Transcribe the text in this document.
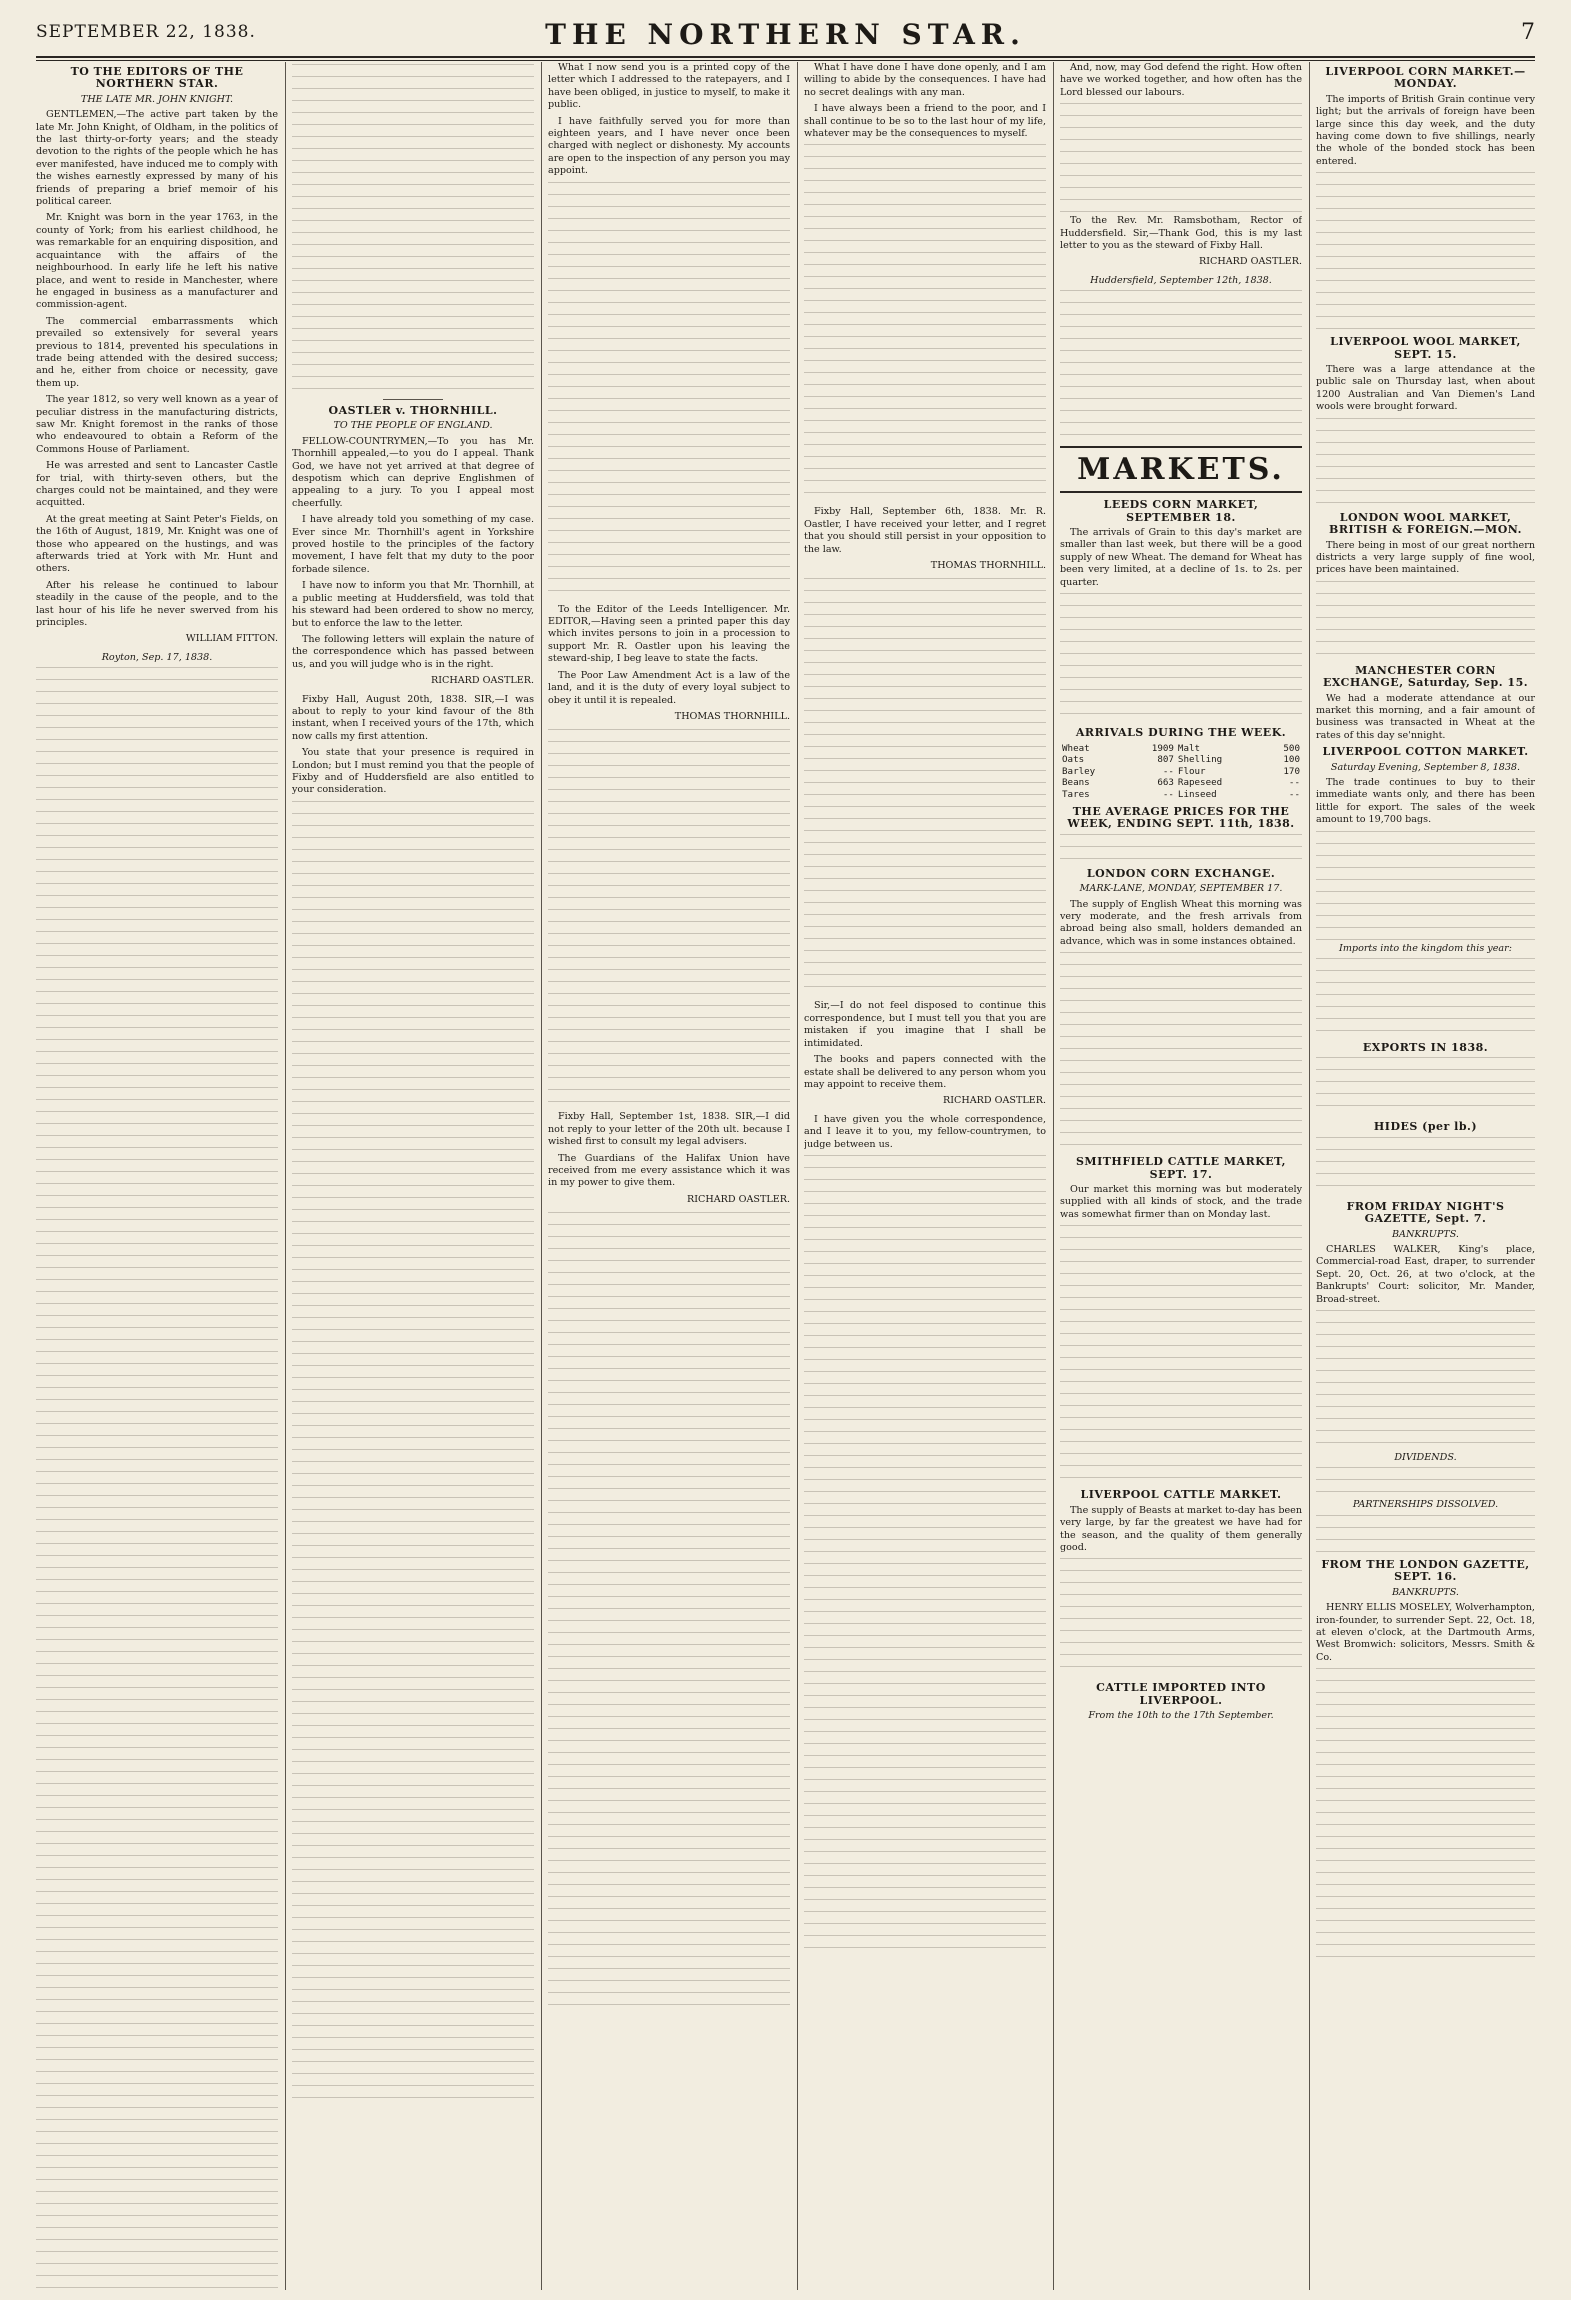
SEPTEMBER 22, 1838.	THE NORTHERN STAR.	7

TO THE EDITORS OF THE NORTHERN STAR.

THE LATE MR. JOHN KNIGHT.

GENTLEMEN,—The active part taken by the late Mr. John Knight, of Oldham, in the politics of the last thirty-or-forty years; and the steady devotion to the rights of the people which he has ever manifested, have induced me to comply with the wishes earnestly expressed by many of his friends of preparing a brief memoir of his political career.

Mr. Knight was born in the year 1763, in the county of York; from his earliest childhood, he was remarkable for an enquiring disposition, and acquaintance with the affairs of the neighbourhood. In early life he left his native place, and went to reside in Manchester, where he engaged in business as a manufacturer and commission-agent.

The commercial embarrassments which prevailed so extensively for several years previous to 1814, prevented his speculations in trade being attended with the desired success; and he, either from choice or necessity, gave them up.

The year 1812, so very well known as a year of peculiar distress in the manufacturing districts, saw Mr. Knight foremost in the ranks of those who endeavoured to obtain a Reform of the Commons House of Parliament.

He was arrested and sent to Lancaster Castle for trial, with thirty-seven others, but the charges could not be maintained, and they were acquitted.

At the great meeting at Saint Peter's Fields, on the 16th of August, 1819, Mr. Knight was one of those who appeared on the hustings, and was afterwards tried at York with Mr. Hunt and others.

After his release he continued to labour steadily in the cause of the people, and to the last hour of his life he never swerved from his principles.

WILLIAM FITTON.

Royton, Sep. 17, 1838.

OASTLER v. THORNHILL.

TO THE PEOPLE OF ENGLAND.

FELLOW-COUNTRYMEN,—To you has Mr. Thornhill appealed,—to you do I appeal. Thank God, we have not yet arrived at that degree of despotism which can deprive Englishmen of appealing to a jury. To you I appeal most cheerfully.

I have already told you something of my case. Ever since Mr. Thornhill's agent in Yorkshire proved hostile to the principles of the factory movement, I have felt that my duty to the poor forbade silence.

I have now to inform you that Mr. Thornhill, at a public meeting at Huddersfield, was told that his steward had been ordered to show no mercy, but to enforce the law to the letter.

The following letters will explain the nature of the correspondence which has passed between us, and you will judge who is in the right.

RICHARD OASTLER.

Fixby Hall, August 20th, 1838. SIR,—I was about to reply to your kind favour of the 8th instant, when I received yours of the 17th, which now calls my first attention.

You state that your presence is required in London; but I must remind you that the people of Fixby and of Huddersfield are also entitled to your consideration.

What I now send you is a printed copy of the letter which I addressed to the ratepayers, and I have been obliged, in justice to myself, to make it public.

I have faithfully served you for more than eighteen years, and I have never once been charged with neglect or dishonesty. My accounts are open to the inspection of any person you may appoint.

To the Editor of the Leeds Intelligencer. Mr. EDITOR,—Having seen a printed paper this day which invites persons to join in a procession to support Mr. R. Oastler upon his leaving the steward-ship, I beg leave to state the facts.

The Poor Law Amendment Act is a law of the land, and it is the duty of every loyal subject to obey it until it is repealed.

THOMAS THORNHILL.

Fixby Hall, September 1st, 1838. SIR,—I did not reply to your letter of the 20th ult. because I wished first to consult my legal advisers.

The Guardians of the Halifax Union have received from me every assistance which it was in my power to give them.

RICHARD OASTLER.

What I have done I have done openly, and I am willing to abide by the consequences. I have had no secret dealings with any man.

I have always been a friend to the poor, and I shall continue to be so to the last hour of my life, whatever may be the consequences to myself.

Fixby Hall, September 6th, 1838. Mr. R. Oastler, I have received your letter, and I regret that you should still persist in your opposition to the law.

THOMAS THORNHILL.

Sir,—I do not feel disposed to continue this correspondence, but I must tell you that you are mistaken if you imagine that I shall be intimidated.

The books and papers connected with the estate shall be delivered to any person whom you may appoint to receive them.

RICHARD OASTLER.

I have given you the whole correspondence, and I leave it to you, my fellow-countrymen, to judge between us.

And, now, may God defend the right. How often have we worked together, and how often has the Lord blessed our labours.

To the Rev. Mr. Ramsbotham, Rector of Huddersfield. Sir,—Thank God, this is my last letter to you as the steward of Fixby Hall.

RICHARD OASTLER.

Huddersfield, September 12th, 1838.

MARKETS.

LEEDS CORN MARKET, SEPTEMBER 18.

The arrivals of Grain to this day's market are smaller than last week, but there will be a good supply of new Wheat. The demand for Wheat has been very limited, at a decline of 1s. to 2s. per quarter.

ARRIVALS DURING THE WEEK.

Wheat	1909	Malt	500
Oats	807	Shelling	100
Barley	--	Flour	170
Beans	663	Rapeseed	--
Tares	--	Linseed	--

THE AVERAGE PRICES FOR THE WEEK, ENDING SEPT. 11th, 1838.

LONDON CORN EXCHANGE.

MARK-LANE, MONDAY, SEPTEMBER 17.

The supply of English Wheat this morning was very moderate, and the fresh arrivals from abroad being also small, holders demanded an advance, which was in some instances obtained.

SMITHFIELD CATTLE MARKET, SEPT. 17.

Our market this morning was but moderately supplied with all kinds of stock, and the trade was somewhat firmer than on Monday last.

LIVERPOOL CATTLE MARKET.

The supply of Beasts at market to-day has been very large, by far the greatest we have had for the season, and the quality of them generally good.

CATTLE IMPORTED INTO LIVERPOOL.

From the 10th to the 17th September.

LIVERPOOL CORN MARKET.—MONDAY.

The imports of British Grain continue very light; but the arrivals of foreign have been large since this day week, and the duty having come down to five shillings, nearly the whole of the bonded stock has been entered.

LIVERPOOL WOOL MARKET, SEPT. 15.

There was a large attendance at the public sale on Thursday last, when about 1200 Australian and Van Diemen's Land wools were brought forward.

LONDON WOOL MARKET, BRITISH & FOREIGN.—MON.

There being in most of our great northern districts a very large supply of fine wool, prices have been maintained.

MANCHESTER CORN EXCHANGE, Saturday, Sep. 15.

We had a moderate attendance at our market this morning, and a fair amount of business was transacted in Wheat at the rates of this day se'nnight.

LIVERPOOL COTTON MARKET.

Saturday Evening, September 8, 1838.

The trade continues to buy to their immediate wants only, and there has been little for export. The sales of the week amount to 19,700 bags.

Imports into the kingdom this year:

EXPORTS IN 1838.

HIDES (per lb.)

FROM FRIDAY NIGHT'S GAZETTE, Sept. 7.

BANKRUPTS.

CHARLES WALKER, King's place, Commercial-road East, draper, to surrender Sept. 20, Oct. 26, at two o'clock, at the Bankrupts' Court: solicitor, Mr. Mander, Broad-street.

DIVIDENDS.

PARTNERSHIPS DISSOLVED.

FROM THE LONDON GAZETTE, SEPT. 16.

BANKRUPTS.

HENRY ELLIS MOSELEY, Wolverhampton, iron-founder, to surrender Sept. 22, Oct. 18, at eleven o'clock, at the Dartmouth Arms, West Bromwich: solicitors, Messrs. Smith & Co.
